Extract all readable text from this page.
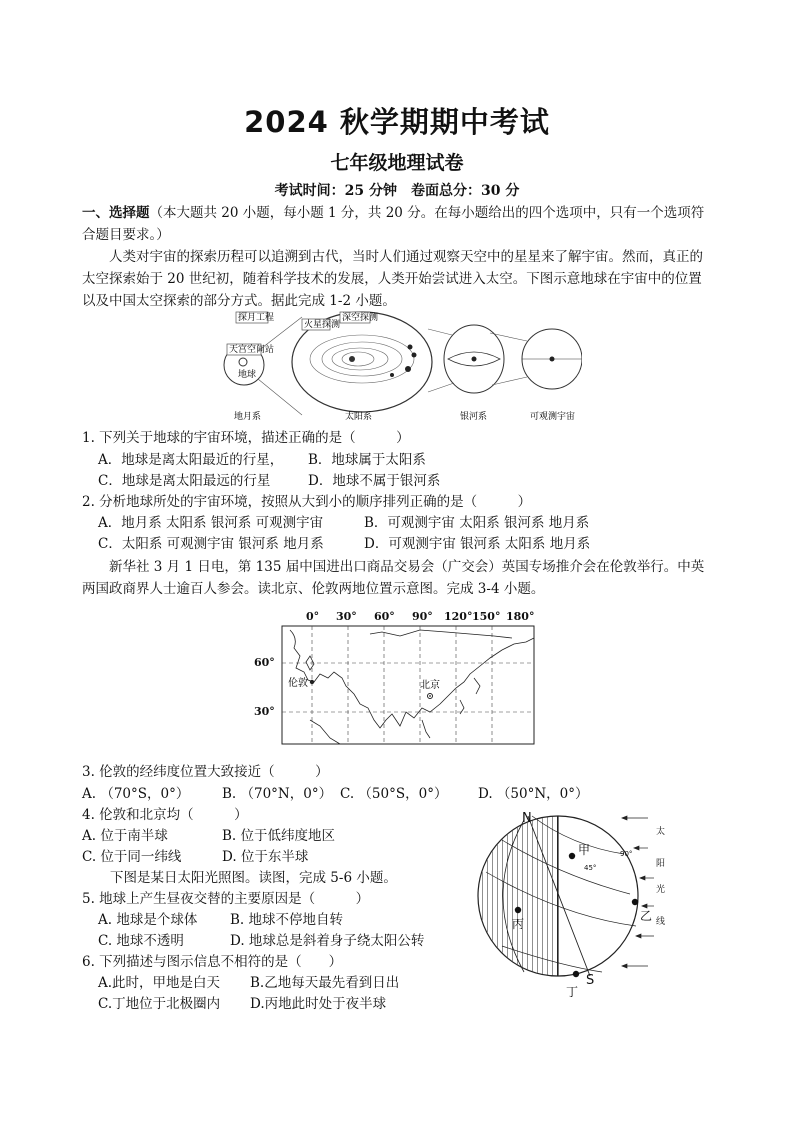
2024 秋学期期中考试
七年级地理试卷
考试时间：25 分钟　卷面总分：30 分
一、选择题（本大题共 20 小题，每小题 1 分，共 20 分。在每小题给出的四个选项中，只有一个选项符合题目要求。）
人类对宇宙的探索历程可以追溯到古代，当时人们通过观察天空中的星星来了解宇宙。然而，真正的太空探索始于 20 世纪初，随着科学技术的发展，人类开始尝试进入太空。下图示意地球在宇宙中的位置以及中国太空探索的部分方式。据此完成 1-2 小题。
探月工程
天宫空间站
地球
火星探测
深空探测
地月系	太阳系	银河系	可观测宇宙
1. 下列关于地球的宇宙环境，描述正确的是（　　　）
A．地球是离太阳最近的行星， B．地球属于太阳系
C．地球是离太阳最远的行星	D．地球不属于银河系
2. 分析地球所处的宇宙环境，按照从大到小的顺序排列正确的是（　　　）
A．地月系 太阳系 银河系 可观测宇宙	B．可观测宇宙 太阳系 银河系 地月系
C．太阳系 可观测宇宙 银河系 地月系	D．可观测宇宙 银河系 太阳系 地月系
新华社 3 月 1 日电，第 135 届中国进出口商品交易会（广交会）英国专场推介会在伦敦举行。中英两国政商界人士逾百人参会。读北京、伦敦两地位置示意图。完成 3-4 小题。
0° 30° 60° 90° 120° 150° 180°
60°
30°
伦敦	北京
3. 伦敦的经纬度位置大致接近（　　　）
A. （70°S，0°） B. （70°N，0°） C. （50°S，0°） D. （50°N，0°）
4. 伦敦和北京均（　　　）
A. 位于南半球	B. 位于低纬度地区
C. 位于同一纬线	D. 位于东半球
下图是某日太阳光照图。读图，完成 5-6 小题。
5. 地球上产生昼夜交替的主要原因是（　　　）
A. 地球是个球体 B. 地球不停地自转
C. 地球不透明	D. 地球总是斜着身子绕太阳公转
6. 下列描述与图示信息不相符的是（　　）
A.此时，甲地是白天 B.乙地每天最先看到日出
C.丁地位于北极圈内 D.丙地此时处于夜半球
N
S
甲
乙
丙
丁
45°
90°
太
阳
光
线
